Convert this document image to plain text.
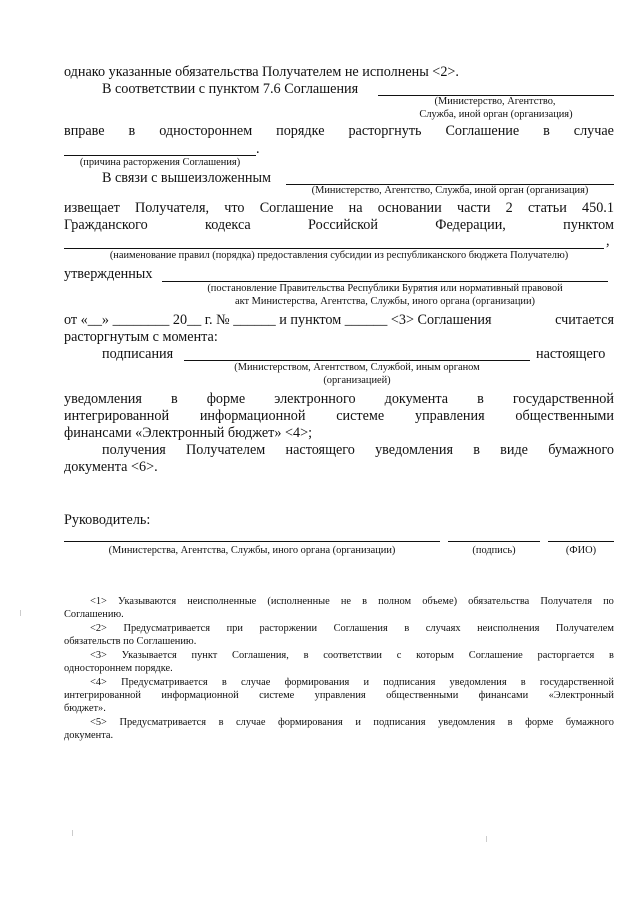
однако указанные обязательства Получателем не исполнены <2>.
В соответствии с пунктом 7.6 Соглашения
(Министерство, Агентство,
Служба, иной орган (организация)
вправе в одностороннем порядке расторгнуть Соглашение в случае
.
(причина расторжения Соглашения)
В связи с вышеизложенным
(Министерство, Агентство, Служба, иной орган (организация)
извещает Получателя, что Соглашение на основании части 2 статьи 450.1
Гражданского	кодекса	Российской	Федерации,	пунктом
,
(наименование правил (порядка) предоставления субсидии из республиканского бюджета Получателю)
утвержденных
(постановление Правительства Республики Бурятия или нормативный правовой
акт Министерства, Агентства, Службы, иного органа (организации)
от «__» ________ 20__ г. № ______ и пунктом ______ <3> Соглашения	считается
расторгнутым с момента:
подписания	настоящего
(Министерством, Агентством, Службой, иным органом
(организацией)
уведомления в форме электронного документа в государственной
интегрированной информационной системе управления общественными
финансами «Электронный бюджет» <4>;
получения Получателем настоящего уведомления в виде бумажного
документа <6>.
Руководитель:
(Министерства, Агентства, Службы, иного органа (организации)	(подпись)	(ФИО)
<1> Указываются неисполненные (исполненные не в полном объеме) обязательства Получателя по
Соглашению.
<2> Предусматривается при расторжении Соглашения в случаях неисполнения Получателем
обязательств по Соглашению.
<3> Указывается пункт Соглашения, в соответствии с которым Соглашение расторгается в
одностороннем порядке.
<4> Предусматривается в случае формирования и подписания уведомления в государственной
интегрированной информационной системе управления общественными финансами «Электронный
бюджет».
<5> Предусматривается в случае формирования и подписания уведомления в форме бумажного
документа.
